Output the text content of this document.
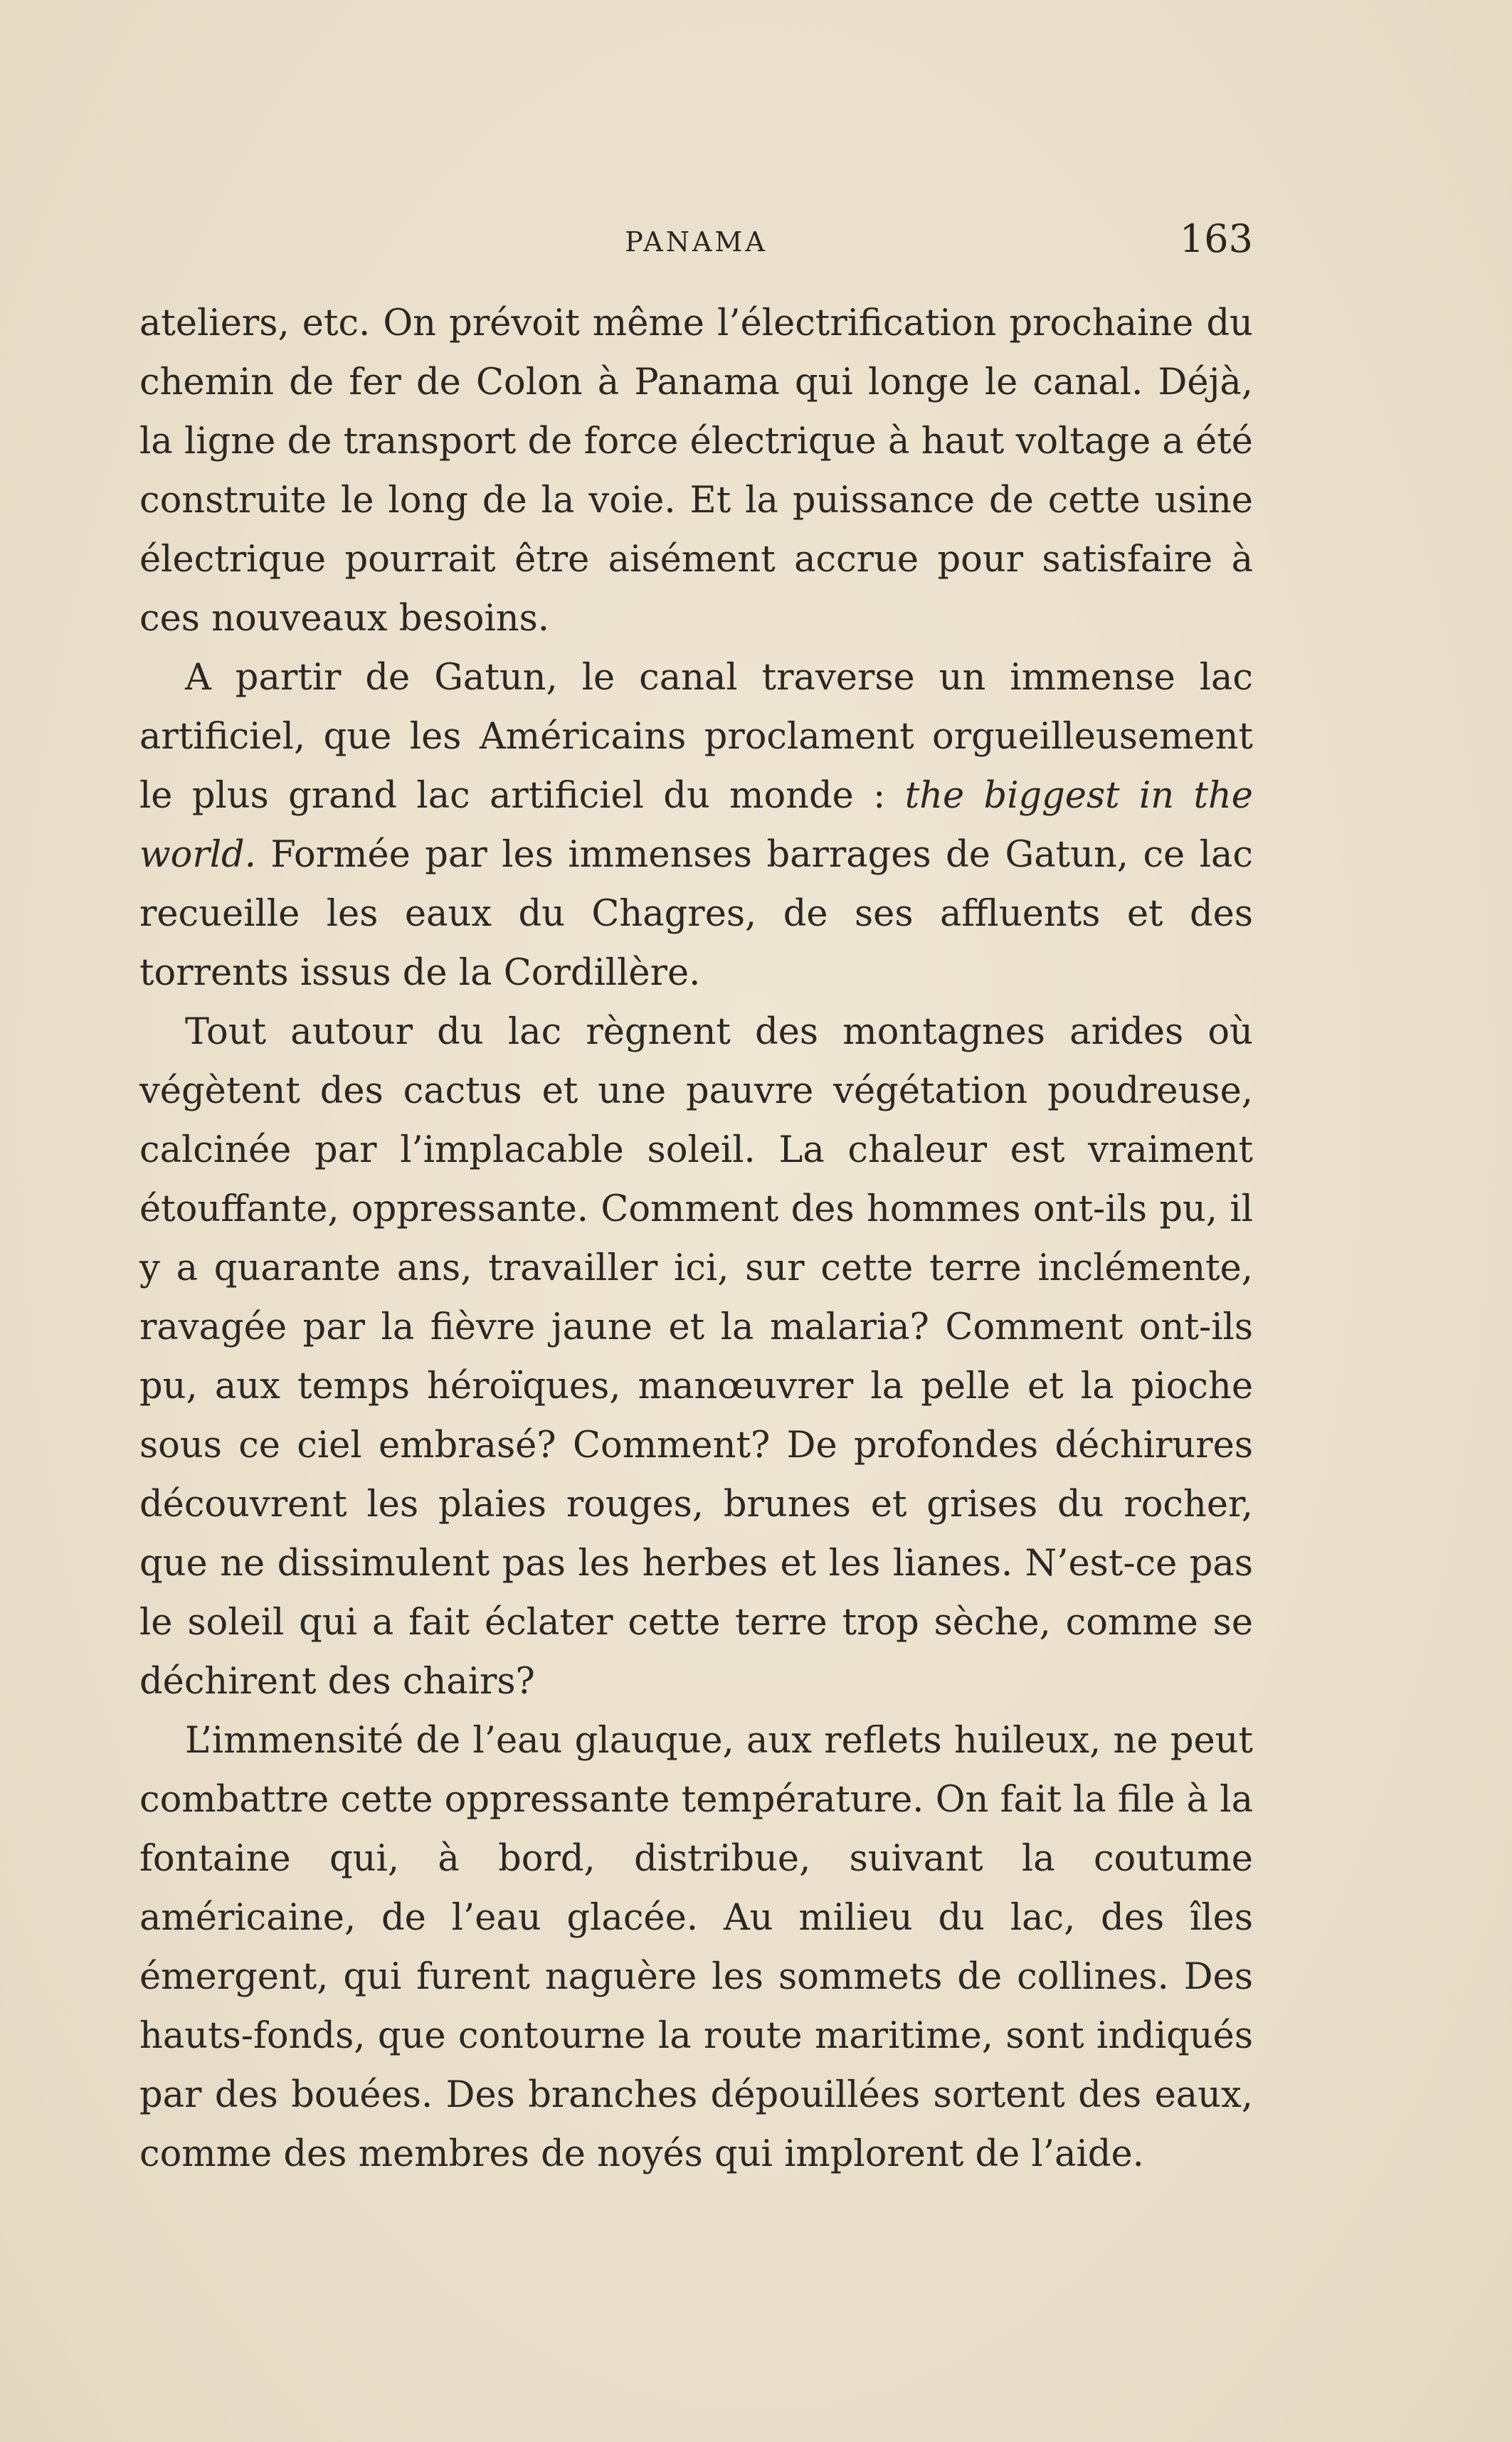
PANAMA	163

ateliers, etc. On prévoit même l’électrification prochaine du chemin de fer de Colon à Panama qui longe le canal. Déjà, la ligne de transport de force électrique à haut voltage a été construite le long de la voie. Et la puissance de cette usine électrique pourrait être aisément accrue pour satisfaire à ces nouveaux besoins.

A partir de Gatun, le canal traverse un immense lac artificiel, que les Américains proclament orgueilleusement le plus grand lac artificiel du monde : the biggest in the world. Formée par les immenses barrages de Gatun, ce lac recueille les eaux du Chagres, de ses affluents et des torrents issus de la Cordillère.

Tout autour du lac règnent des montagnes arides où végètent des cactus et une pauvre végétation poudreuse, calcinée par l’implacable soleil. La chaleur est vraiment étouffante, oppressante. Comment des hommes ont-ils pu, il y a quarante ans, travailler ici, sur cette terre inclémente, ravagée par la fièvre jaune et la malaria? Comment ont-ils pu, aux temps héroïques, manœuvrer la pelle et la pioche sous ce ciel embrasé? Comment? De profondes déchirures découvrent les plaies rouges, brunes et grises du rocher, que ne dissimulent pas les herbes et les lianes. N’est-ce pas le soleil qui a fait éclater cette terre trop sèche, comme se déchirent des chairs?

L’immensité de l’eau glauque, aux reflets huileux, ne peut combattre cette oppressante température. On fait la file à la fontaine qui, à bord, distribue, suivant la coutume américaine, de l’eau glacée. Au milieu du lac, des îles émergent, qui furent naguère les sommets de collines. Des hauts-fonds, que contourne la route maritime, sont indiqués par des bouées. Des branches dépouillées sortent des eaux, comme des membres de noyés qui implorent de l’aide.
